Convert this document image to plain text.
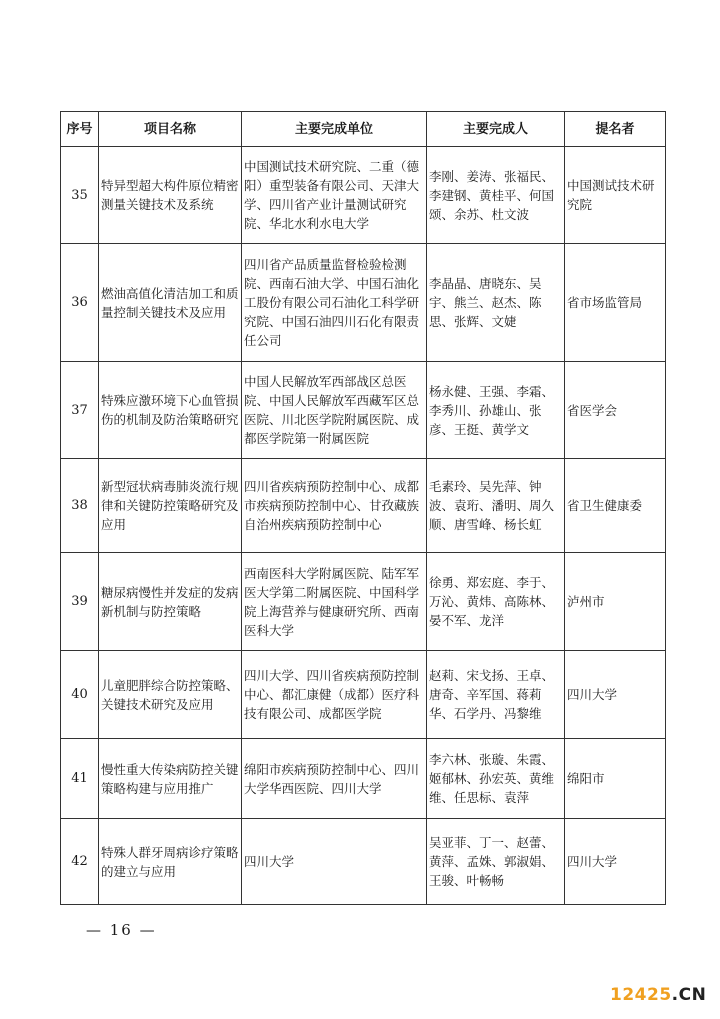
序号	项目名称	主要完成单位	主要完成人	提名者
35	特异型超大构件原位精密测量关键技术及系统	中国测试技术研究院、二重（德阳）重型装备有限公司、天津大学、四川省产业计量测试研究院、华北水利水电大学	李刚、姜涛、张福民、李建钢、黄桂平、何国颂、余苏、杜文波	中国测试技术研究院
36	燃油高值化清洁加工和质量控制关键技术及应用	四川省产品质量监督检验检测院、西南石油大学、中国石油化工股份有限公司石油化工科学研究院、中国石油四川石化有限责任公司	李晶晶、唐晓东、吴宇、熊兰、赵杰、陈思、张辉、文婕	省市场监管局
37	特殊应激环境下心血管损伤的机制及防治策略研究	中国人民解放军西部战区总医院、中国人民解放军西藏军区总医院、川北医学院附属医院、成都医学院第一附属医院	杨永健、王强、李霜、李秀川、孙雄山、张彦、王挺、黄学文	省医学会
38	新型冠状病毒肺炎流行规律和关键防控策略研究及应用	四川省疾病预防控制中心、成都市疾病预防控制中心、甘孜藏族自治州疾病预防控制中心	毛素玲、吴先萍、钟波、袁珩、潘明、周久顺、唐雪峰、杨长虹	省卫生健康委
39	糖尿病慢性并发症的发病新机制与防控策略	西南医科大学附属医院、陆军军医大学第二附属医院、中国科学院上海营养与健康研究所、西南医科大学	徐勇、郑宏庭、李于、万沁、黄炜、高陈林、晏不军、龙洋	泸州市
40	儿童肥胖综合防控策略、关键技术研究及应用	四川大学、四川省疾病预防控制中心、都汇康健（成都）医疗科技有限公司、成都医学院	赵莉、宋戈扬、王卓、唐奇、辛军国、蒋莉华、石学丹、冯黎维	四川大学
41	慢性重大传染病防控关键策略构建与应用推广	绵阳市疾病预防控制中心、四川大学华西医院、四川大学	李六林、张璇、朱霞、姬郁林、孙宏英、黄维维、任思标、袁萍	绵阳市
42	特殊人群牙周病诊疗策略的建立与应用	四川大学	吴亚菲、丁一、赵蕾、黄萍、孟姝、郭淑娟、王骏、叶畅畅	四川大学
— 16 —
12425.CN
